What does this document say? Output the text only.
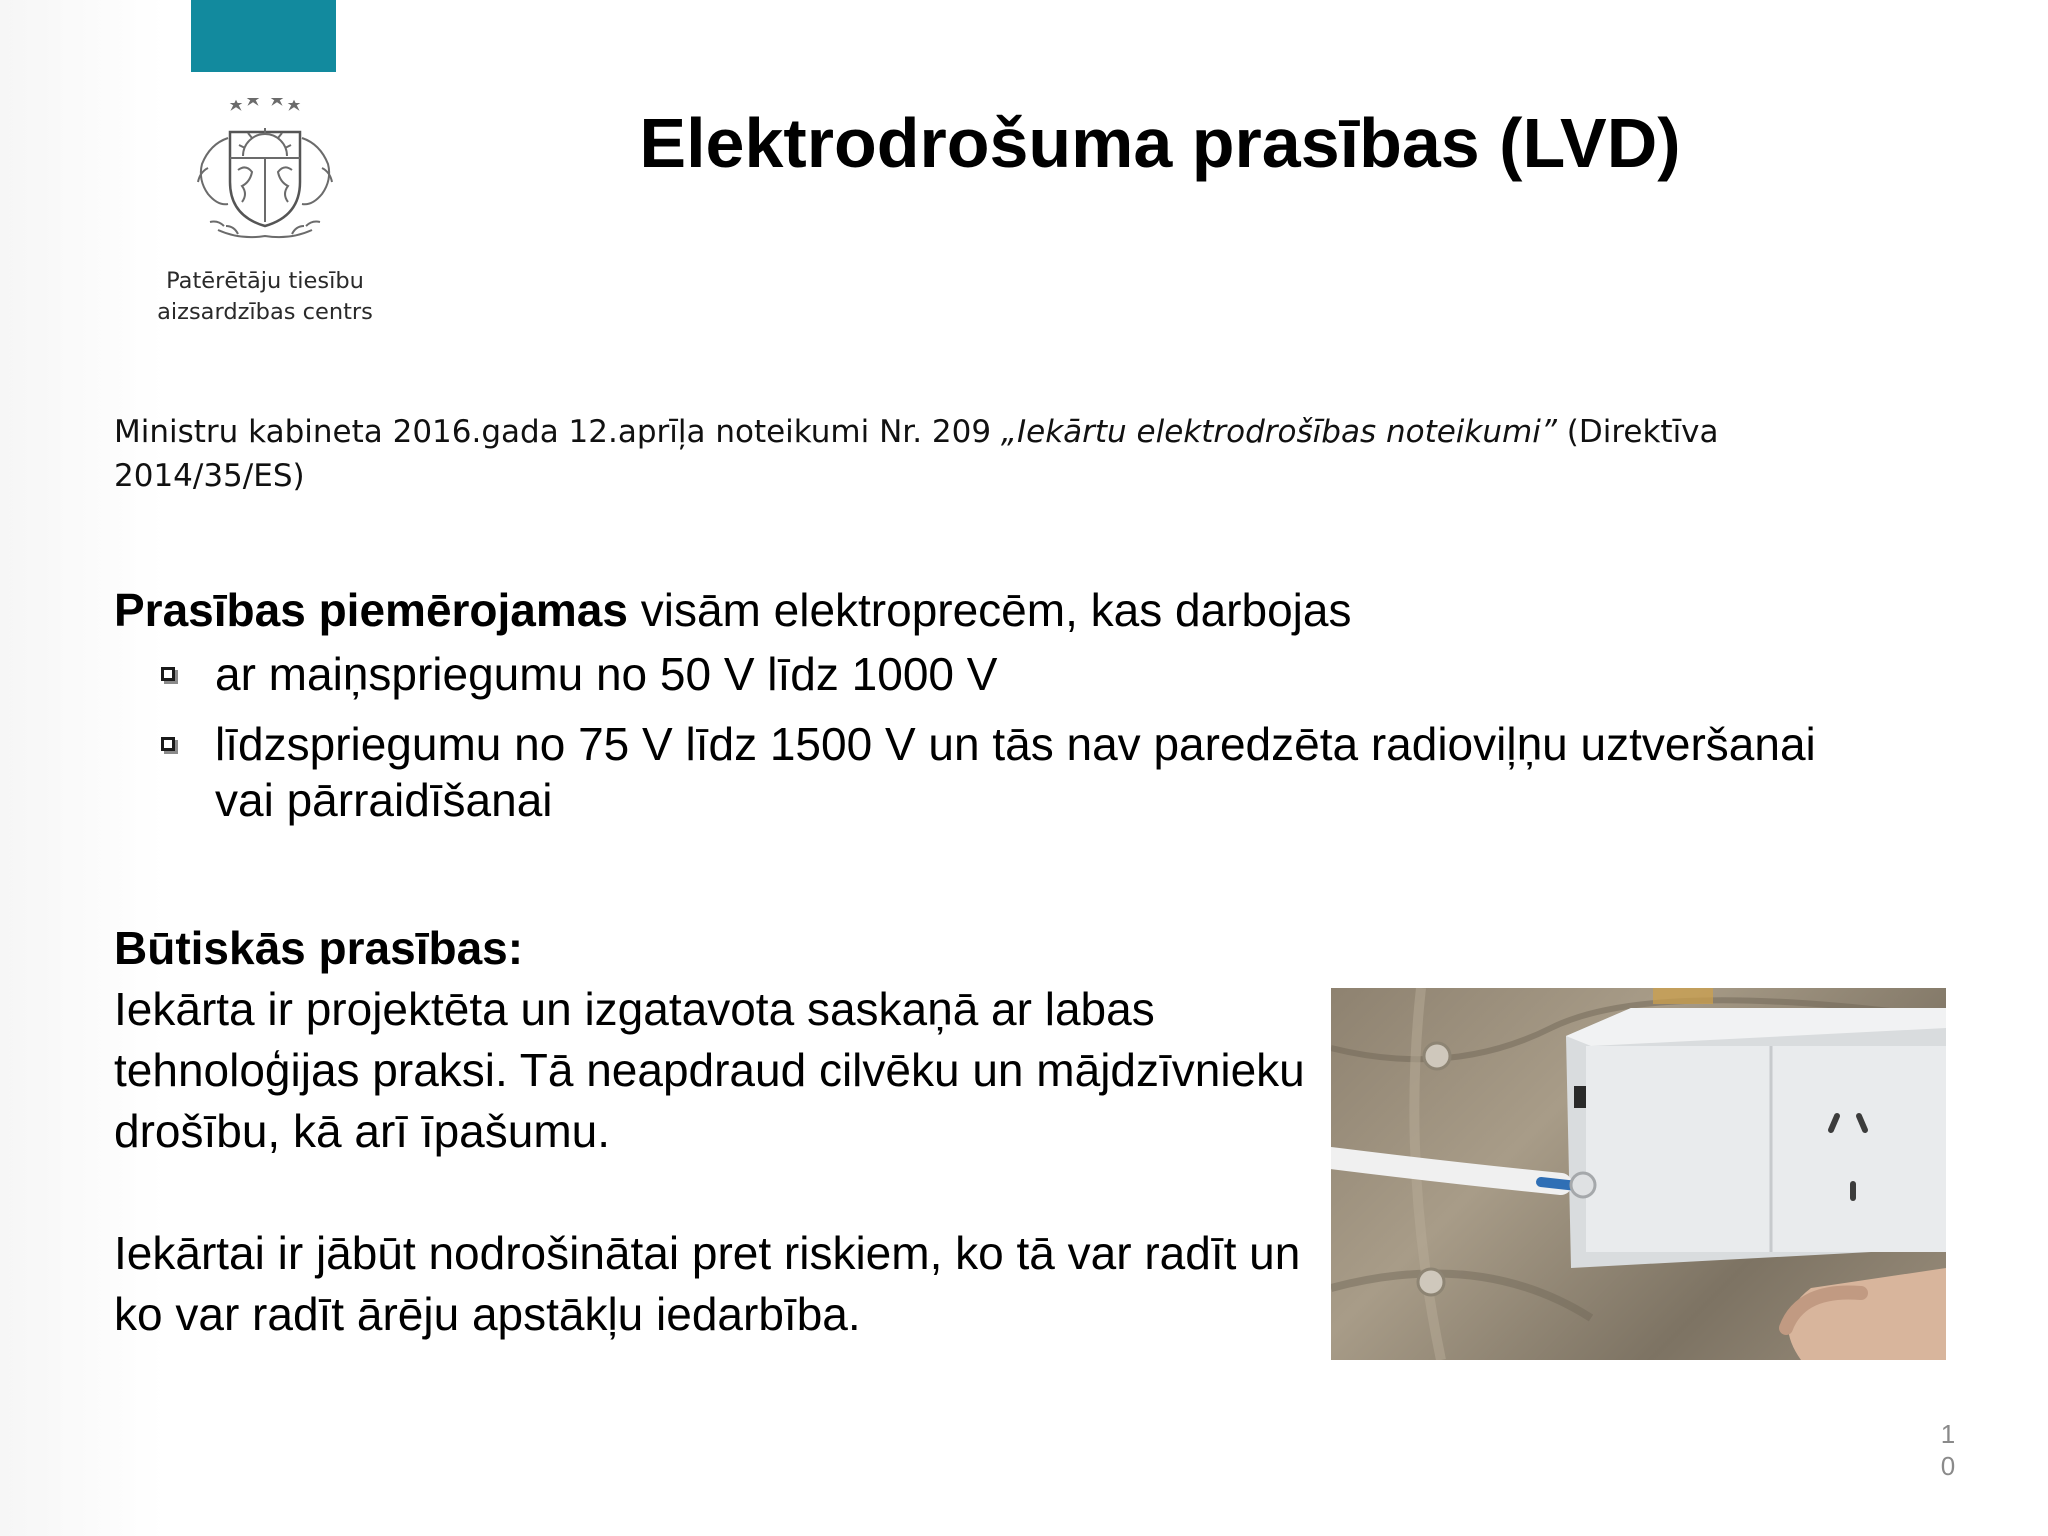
Patērētāju tiesību
aizsardzības centrs
Elektrodrošuma prasības (LVD)

Ministru kabineta 2016.gada 12.aprīļa noteikumi Nr. 209 „Iekārtu elektrodrošības noteikumi” (Direktīva 2014/35/ES)

Prasības piemērojamas visām elektroprecēm, kas darbojas

ar maiņspriegumu no 50 V līdz 1000 V
līdzspriegumu no 75 V līdz 1500 V un tās nav paredzēta radioviļņu uztveršanai vai pārraidīšanai
Būtiskās prasības:

Iekārta ir projektēta un izgatavota saskaņā ar labas tehnoloģijas praksi. Tā neapdraud cilvēku un mājdzīvnieku drošību, kā arī īpašumu.

Iekārtai ir jābūt nodrošinātai pret riskiem, ko tā var radīt un ko var radīt ārēju apstākļu iedarbība.

1
0
